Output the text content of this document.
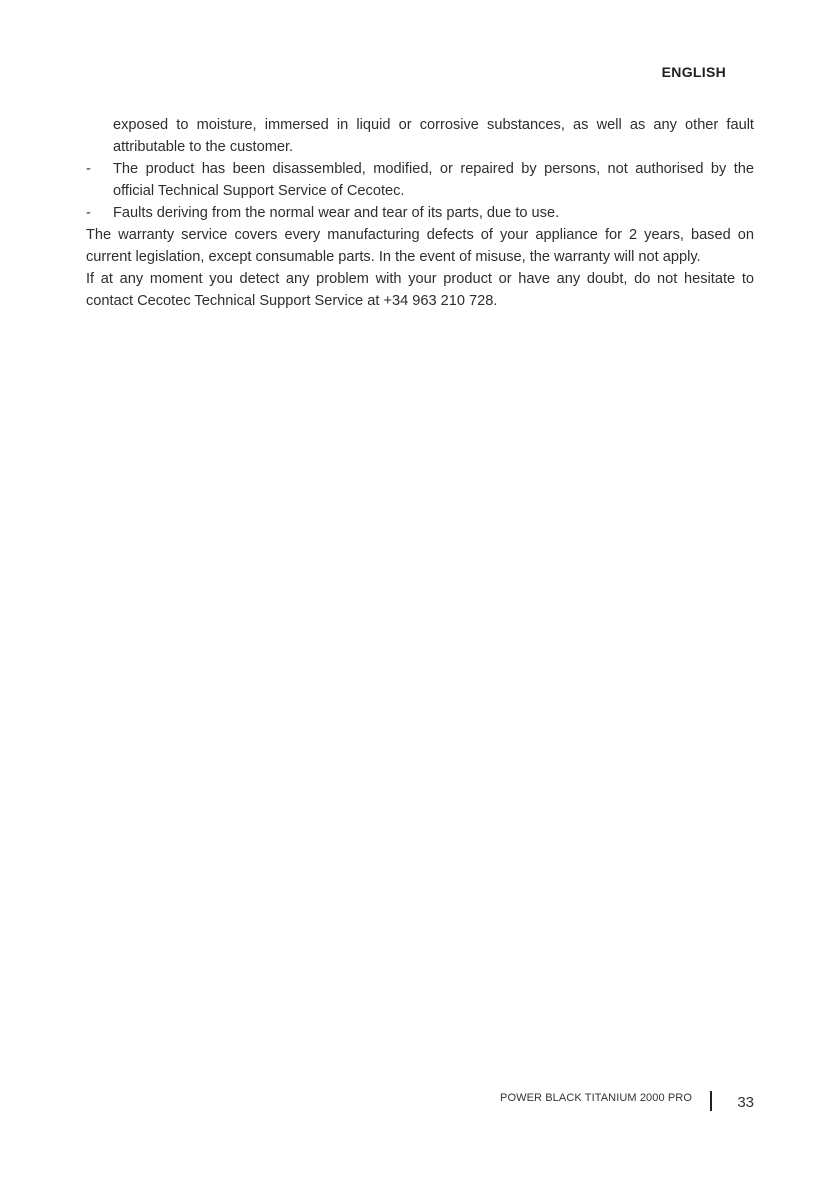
ENGLISH

exposed to moisture, immersed in liquid or corrosive substances, as well as any other fault attributable to the customer.

-	The product has been disassembled, modified, or repaired by persons, not authorised by the official Technical Support Service of Cecotec.
-	Faults deriving from the normal wear and tear of its parts, due to use.

The warranty service covers every manufacturing defects of your appliance for 2 years, based on current legislation, except consumable parts. In the event of misuse, the warranty will not apply.

If at any moment you detect any problem with your product or have any doubt, do not hesitate to contact Cecotec Technical Support Service at +34 963 210 728.

POWER BLACK TITANIUM 2000 PRO	33
